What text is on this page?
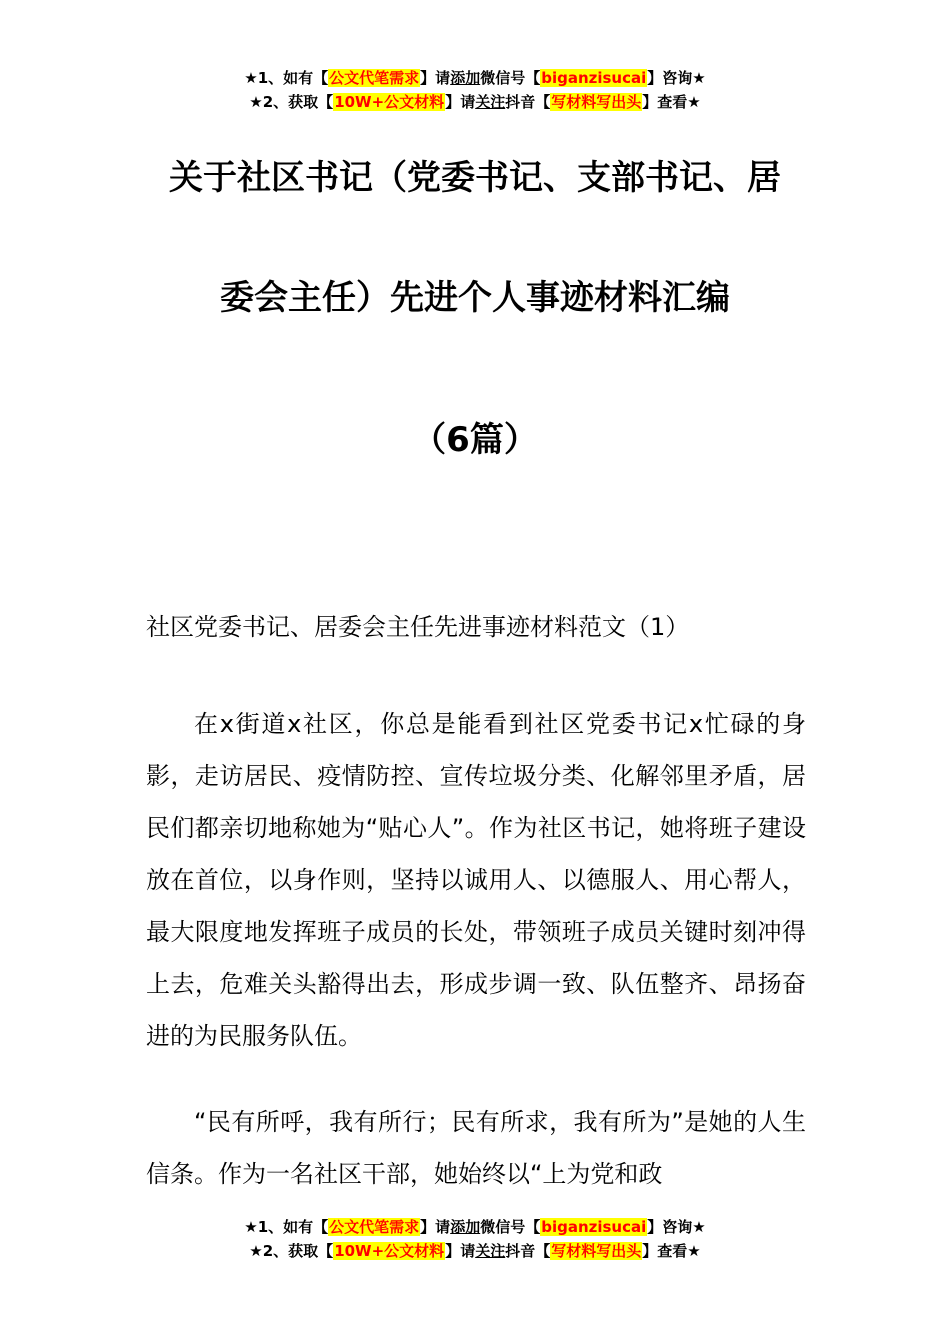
★1、如有【公文代笔需求】请添加微信号【biganzisucai】咨询★
★2、获取【10W+公文材料】请关注抖音【写材料写出头】查看★
关于社区书记（党委书记、支部书记、居
委会主任）先进个人事迹材料汇编
（6篇）
社区党委书记、居委会主任先进事迹材料范文（1）

在x街道x社区，你总是能看到社区党委书记x忙碌的身影，走访居民、疫情防控、宣传垃圾分类、化解邻里矛盾，居民们都亲切地称她为“贴心人”。作为社区书记，她将班子建设放在首位，以身作则，坚持以诚用人、以德服人、用心帮人，最大限度地发挥班子成员的长处，带领班子成员关键时刻冲得上去，危难关头豁得出去，形成步调一致、队伍整齐、昂扬奋进的为民服务队伍。

“民有所呼，我有所行；民有所求，我有所为”是她的人生信条。作为一名社区干部，她始终以“上为党和政

★1、如有【公文代笔需求】请添加微信号【biganzisucai】咨询★
★2、获取【10W+公文材料】请关注抖音【写材料写出头】查看★
